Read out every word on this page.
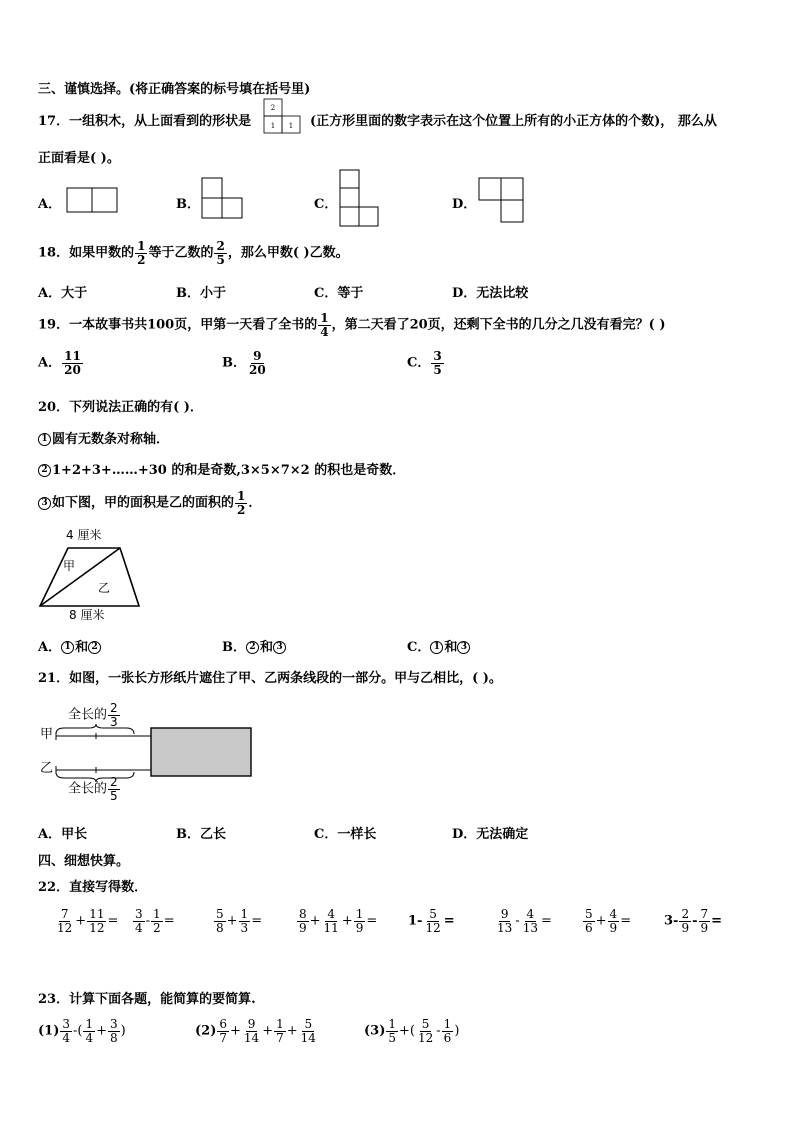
三、谨慎选择。(将正确答案的标号填在括号里)
17．一组积木，从上面看到的形状是
2
1 1 (正方形里面的数字表示在这个位置上所有的小正方体的个数)， 那么从
正面看是( )。
A．	B．	C．	D．
18．如果甲数的 $\frac{1}{2}$ 等于乙数的 $\frac{2}{5}$ ，那么甲数( )乙数。
A．大于	B．小于	C．等于	D．无法比较
19．一本故事书共100页，甲第一天看了全书的 $\frac{1}{4}$ ，第二天看了20页，还剩下全书的几分之几没有看完？( )
A． $\frac{11}{20}$	B． $\frac{9}{20}$	C． $\frac{3}{5}$
20．下列说法正确的有( )．
1 圆有无数条对称轴．
2 1+2+3+……+30 的和是奇数,3×5×7×2 的积也是奇数．
3 如下图，甲的面积是乙的面积的 $\frac{1}{2}$ ．
4 厘米
甲
乙
8 厘米
A． 1 和 2	B． 2 和 3	C． 1 和 3
21．如图，一张长方形纸片遮住了甲、乙两条线段的一部分。甲与乙相比，( )。
全长的 $\frac{2}{3}$
甲
乙
全长的 $\frac{2}{5}$
A．甲长	B．乙长	C．一样长	D．无法确定
四、细想快算。
22．直接写得数．
$\frac{7}{12} + \frac{11}{12} = \frac{3}{4} - \frac{1}{2}$ =	$\frac{5}{8} + \frac{1}{3}$ =	$\frac{8}{9} + \frac{4}{11} + \frac{1}{9} = 1- \frac{5}{12}$ =	$\frac{9}{13} - \frac{4}{13}$ =	$\frac{5}{6} + \frac{4}{9}$ =	$3- \frac{2}{9} - \frac{7}{9}$ =
23．计算下面各题，能简算的要简算.
$(1) \frac{3}{4}$ -( $\frac{1}{4} + \frac{3}{8}$ )	$(2) \frac{6}{7} + \frac{9}{14} + \frac{1}{7} + \frac{5}{14}$	$(3) \frac{1}{5}$ +( $\frac{5}{12} - \frac{1}{6}$ )
